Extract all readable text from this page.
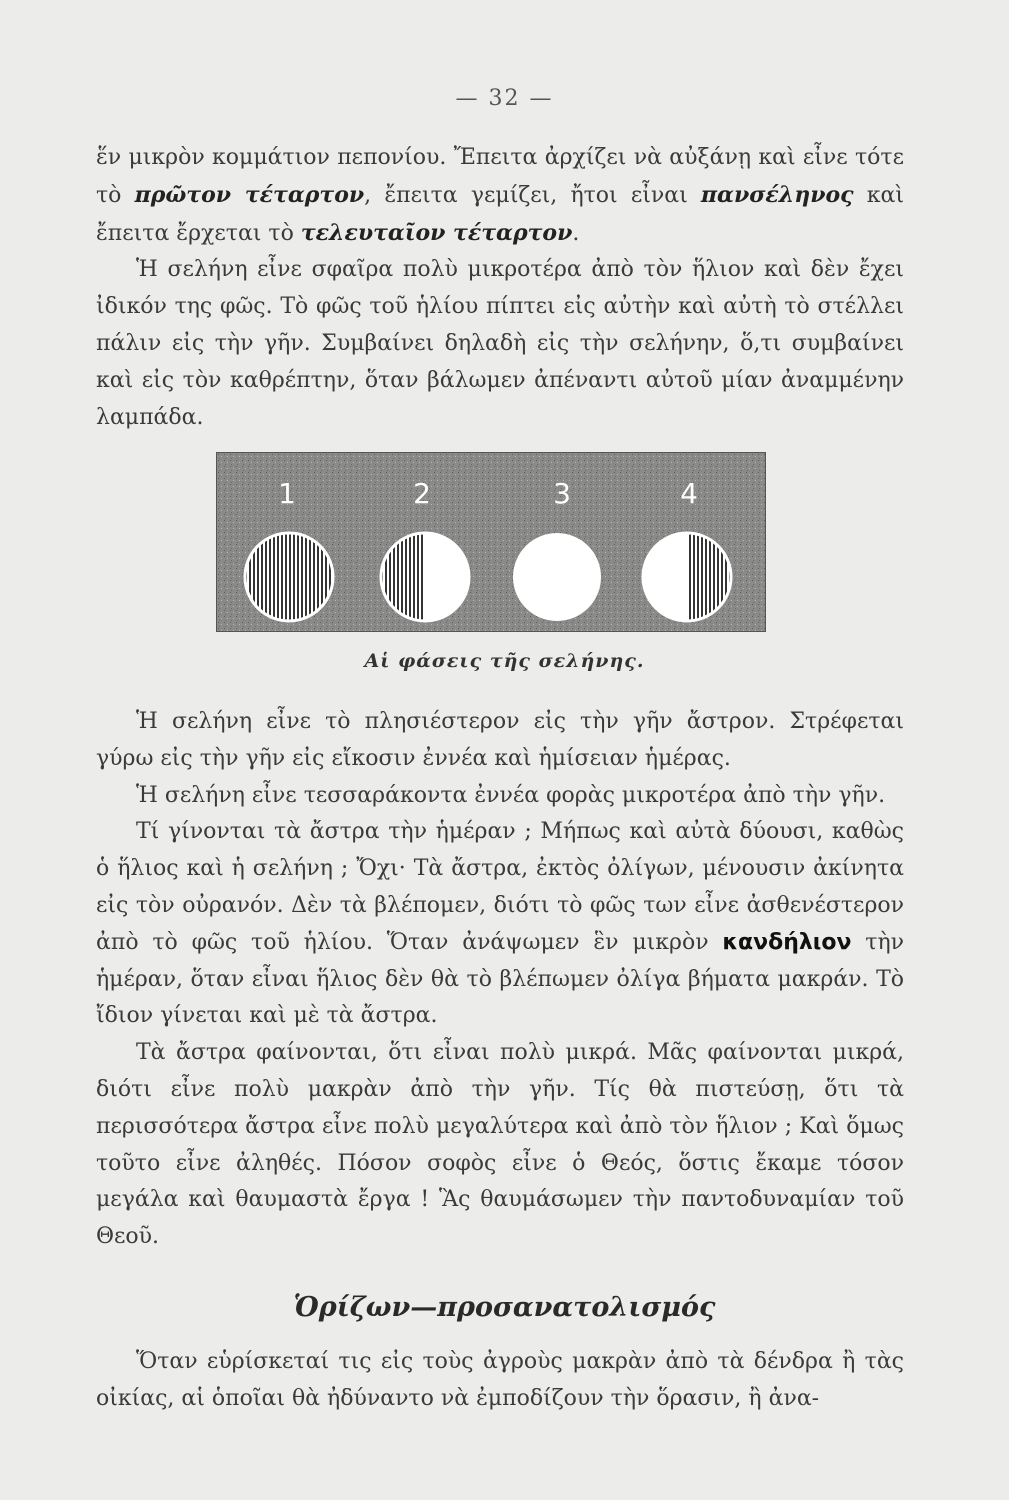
— 32 —

ἕν μικρὸν κομμάτιον πεπονίου. Ἔπειτα ἀρχίζει νὰ αὐξάνῃ καὶ εἶνε τότε τὸ πρῶτον τέταρτον, ἔπειτα γεμίζει, ἤτοι εἶναι πανσέληνος καὶ ἔπειτα ἔρχεται τὸ τελευταῖον τέταρτον.

Ἡ σελήνη εἶνε σφαῖρα πολὺ μικροτέρα ἀπὸ τὸν ἥλιον καὶ δὲν ἔχει ἰδικόν της φῶς. Τὸ φῶς τοῦ ἡλίου πίπτει εἰς αὐτὴν καὶ αὐτὴ τὸ στέλλει πάλιν εἰς τὴν γῆν. Συμβαίνει δηλαδὴ εἰς τὴν σελήνην, ὅ,τι συμβαίνει καὶ εἰς τὸν καθρέπτην, ὅταν βάλωμεν ἀπέναντι αὐτοῦ μίαν ἀναμμένην λαμπάδα.

1	2	3	4
Αἱ φάσεις τῆς σελήνης.

Ἡ σελήνη εἶνε τὸ πλησιέστερον εἰς τὴν γῆν ἄστρον. Στρέφεται γύρω εἰς τὴν γῆν εἰς εἴκοσιν ἐννέα καὶ ἡμίσειαν ἡμέρας.

Ἡ σελήνη εἶνε τεσσαράκοντα ἐννέα φορὰς μικροτέρα ἀπὸ τὴν γῆν.

Τί γίνονται τὰ ἄστρα τὴν ἡμέραν ; Μήπως καὶ αὐτὰ δύουσι, καθὼς ὁ ἥλιος καὶ ἡ σελήνη ; Ὄχι· Τὰ ἄστρα, ἐκτὸς ὀλίγων, μένουσιν ἀκίνητα εἰς τὸν οὐρανόν. Δὲν τὰ βλέπομεν, διότι τὸ φῶς των εἶνε ἀσθενέστερον ἀπὸ τὸ φῶς τοῦ ἡλίου. Ὅταν ἀνάψωμεν ἓν μικρὸν κανδήλιον τὴν ἡμέραν, ὅταν εἶναι ἥλιος δὲν θὰ τὸ βλέπωμεν ὀλίγα βήματα μακράν. Τὸ ἴδιον γίνεται καὶ μὲ τὰ ἄστρα.

Τὰ ἄστρα φαίνονται, ὅτι εἶναι πολὺ μικρά. Μᾶς φαίνονται μικρά, διότι εἶνε πολὺ μακρὰν ἀπὸ τὴν γῆν. Τίς θὰ πιστεύσῃ, ὅτι τὰ περισσότερα ἄστρα εἶνε πολὺ μεγαλύτερα καὶ ἀπὸ τὸν ἥλιον ; Καὶ ὅμως τοῦτο εἶνε ἀληθές. Πόσον σοφὸς εἶνε ὁ Θεός, ὅστις ἔκαμε τόσον μεγάλα καὶ θαυμαστὰ ἔργα ! Ἃς θαυμάσωμεν τὴν παντοδυναμίαν τοῦ Θεοῦ.

Ὁρίζων—προσανατολισμός

Ὅταν εὑρίσκεταί τις εἰς τοὺς ἀγροὺς μακρὰν ἀπὸ τὰ δένδρα ἢ τὰς οἰκίας, αἱ ὁποῖαι θὰ ἠδύναντο νὰ ἐμποδίζουν τὴν ὅρασιν, ἢ ἀνα-
